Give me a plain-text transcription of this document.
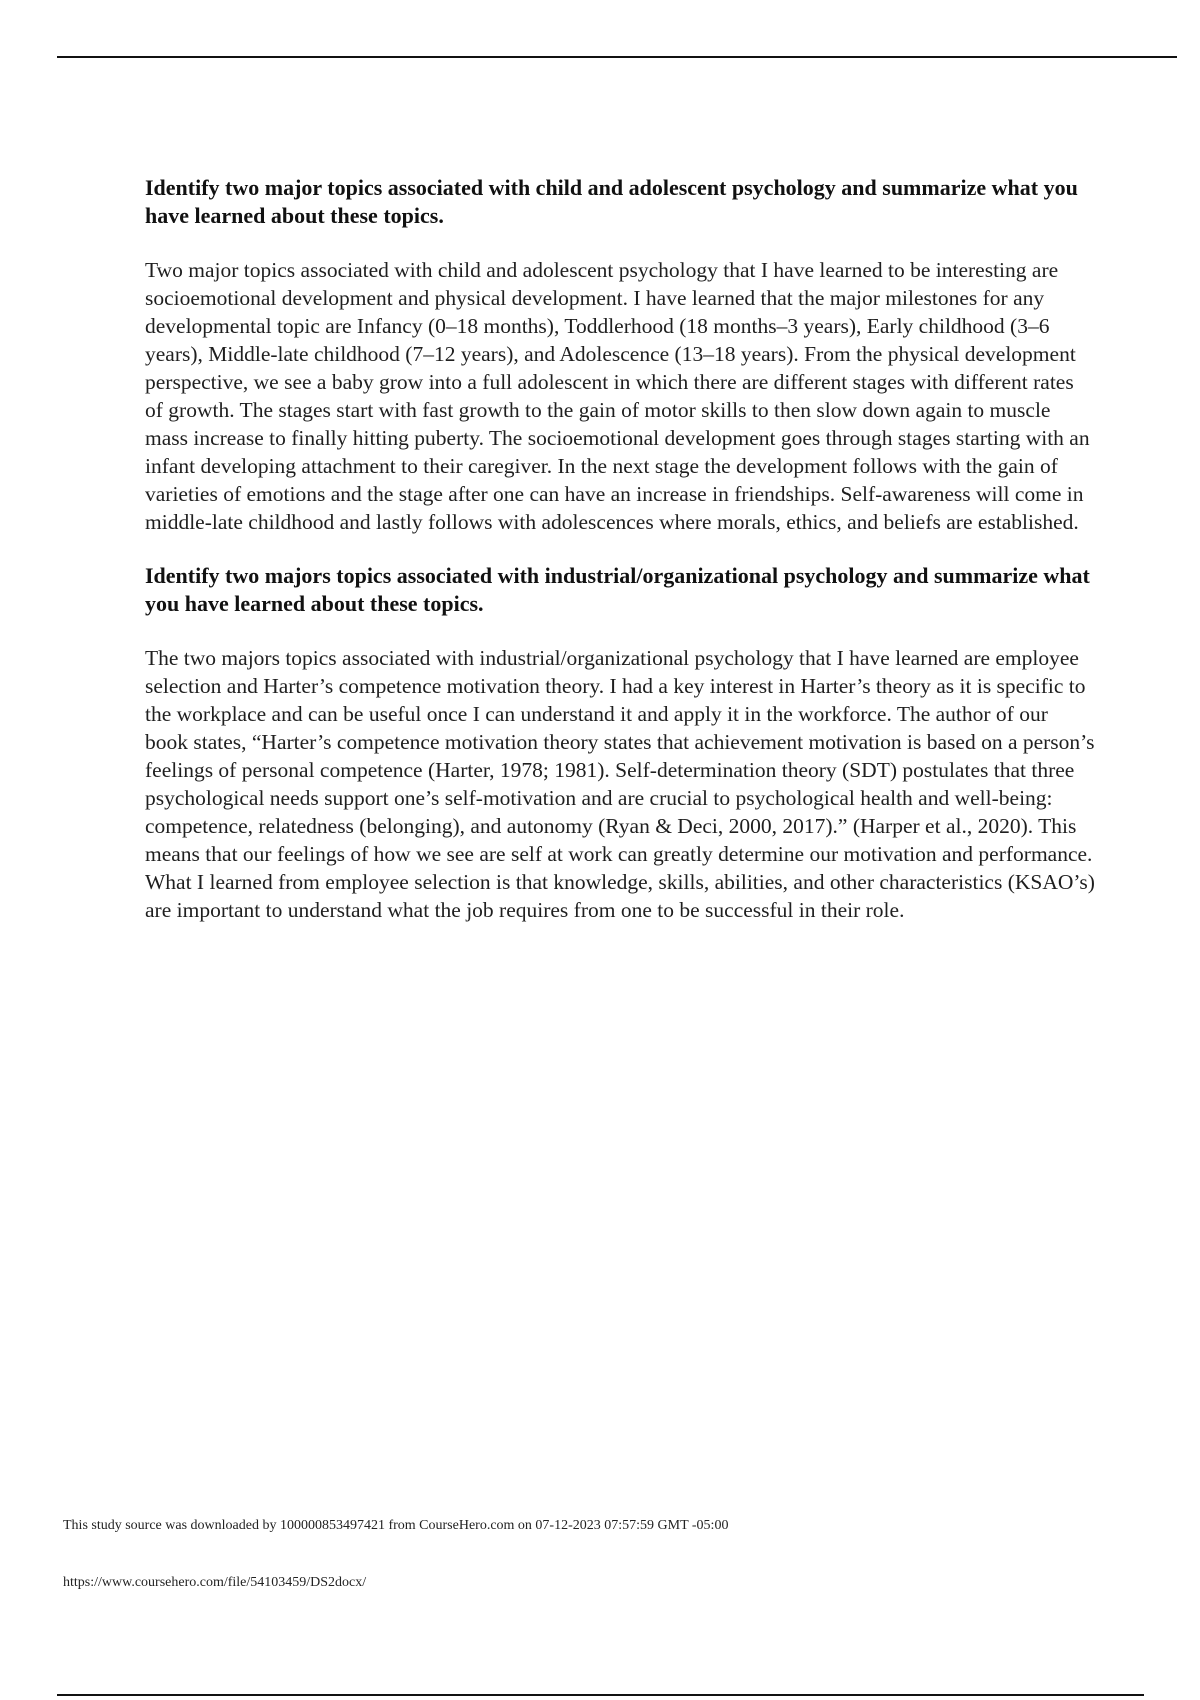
Identify two major topics associated with child and adolescent psychology and summarize what you have learned about these topics.

Two major topics associated with child and adolescent psychology that I have learned to be interesting are socioemotional development and physical development. I have learned that the major milestones for any developmental topic are Infancy (0–18 months), Toddlerhood (18 months–3 years), Early childhood (3–6 years), Middle-late childhood (7–12 years), and Adolescence (13–18 years). From the physical development perspective, we see a baby grow into a full adolescent in which there are different stages with different rates of growth. The stages start with fast growth to the gain of motor skills to then slow down again to muscle mass increase to finally hitting puberty. The socioemotional development goes through stages starting with an infant developing attachment to their caregiver. In the next stage the development follows with the gain of varieties of emotions and the stage after one can have an increase in friendships. Self-awareness will come in middle-late childhood and lastly follows with adolescences where morals, ethics, and beliefs are established.

Identify two majors topics associated with industrial/organizational psychology and summarize what you have learned about these topics.

The two majors topics associated with industrial/organizational psychology that I have learned are employee selection and Harter’s competence motivation theory. I had a key interest in Harter’s theory as it is specific to the workplace and can be useful once I can understand it and apply it in the workforce. The author of our book states, “Harter’s competence motivation theory states that achievement motivation is based on a person’s feelings of personal competence (Harter, 1978; 1981). Self-determination theory (SDT) postulates that three psychological needs support one’s self-motivation and are crucial to psychological health and well-being: competence, relatedness (belonging), and autonomy (Ryan & Deci, 2000, 2017).” (Harper et al., 2020). This means that our feelings of how we see are self at work can greatly determine our motivation and performance. What I learned from employee selection is that knowledge, skills, abilities, and other characteristics (KSAO’s) are important to understand what the job requires from one to be successful in their role.

This study source was downloaded by 100000853497421 from CourseHero.com on 07-12-2023 07:57:59 GMT -05:00
https://www.coursehero.com/file/54103459/DS2docx/
